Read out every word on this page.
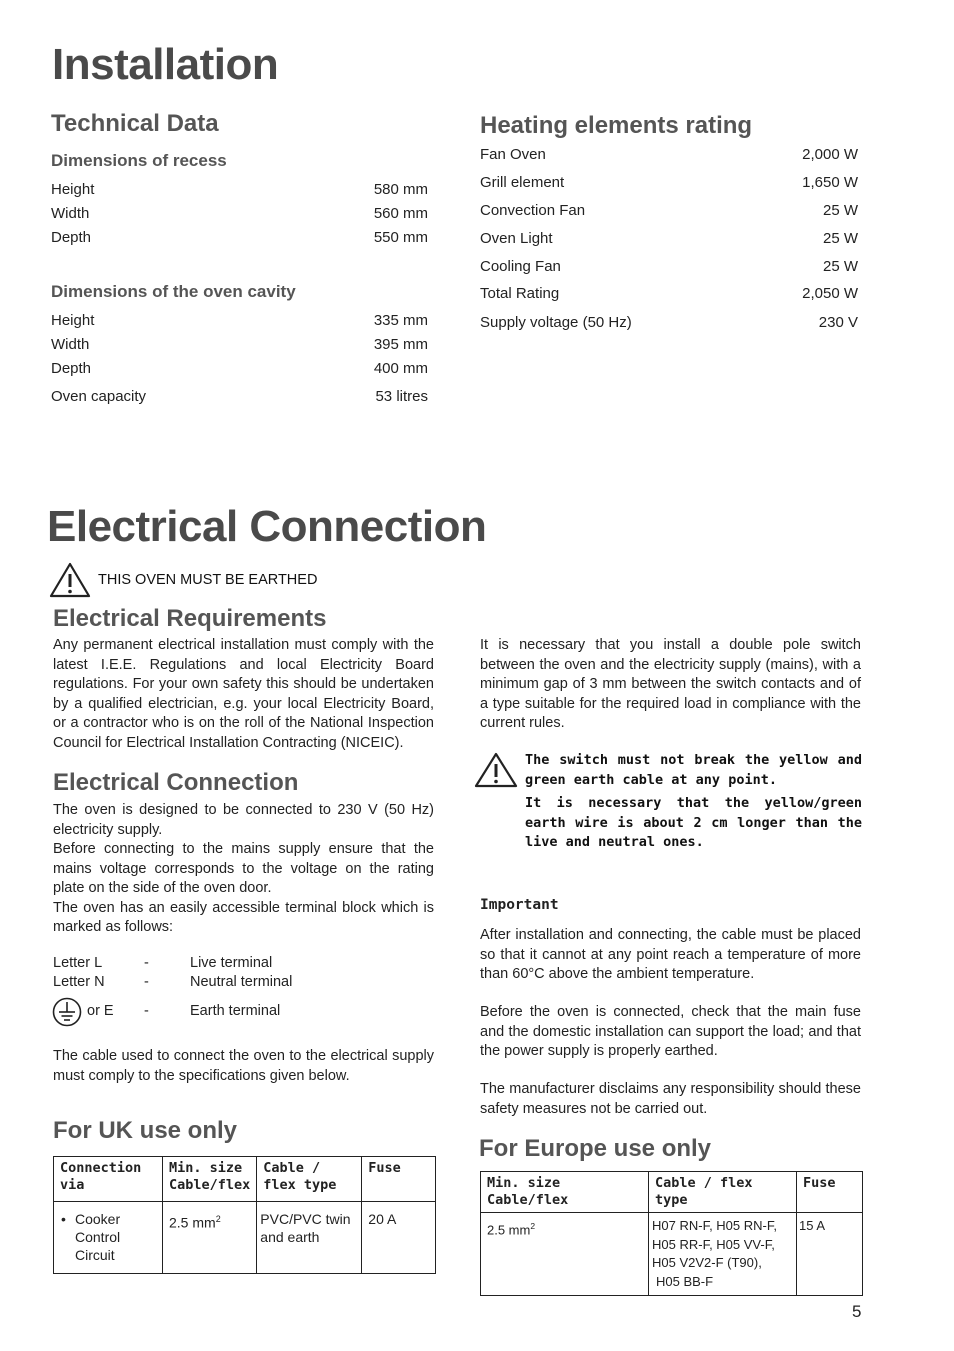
Installation
Technical Data
Dimensions of recess
Height	580 mm
Width	560 mm
Depth	550 mm
Dimensions of the oven cavity
Height	335 mm
Width	395 mm
Depth	400 mm
Oven capacity	53 litres
Heating elements rating
Fan Oven	2,000 W
Grill element	1,650 W
Convection Fan	25 W
Oven Light	25 W
Cooling Fan	25 W
Total Rating	2,050 W
Supply voltage (50 Hz)	230 V
Electrical Connection
THIS OVEN MUST BE EARTHED
Electrical Requirements
Any permanent electrical installation must comply with the latest I.E.E. Regulations and local Electricity Board regulations. For your own safety this should be undertaken by a qualified electrician, e.g. your local Electricity Board, or a contractor who is on the roll of the National Inspection Council for Electrical Installation Contracting (NICEIC).
Electrical Connection

The oven is designed to be connected to 230 V (50 Hz) electricity supply.

Before connecting to the mains supply ensure that the mains voltage corresponds to the voltage on the rating plate on the side of the oven door.

The oven has an easily accessible terminal block which is marked as follows:

Letter L	-	Live terminal
Letter N	-	Neutral terminal
or E -	Earth terminal
The cable used to connect the oven to the electrical supply must comply to the specifications given below.
For UK use only
Connection via	Min. size Cable/flex	Cable / flex type	Fuse

• Cooker Control Circuit	2.5 $mm^2$	PVC/PVC twin and earth	20 A
It is necessary that you install a double pole switch between the oven and the electricity supply (mains), with a minimum gap of 3 mm between the switch contacts and of a type suitable for the required load in compliance with the current rules.

The switch must not break the yellow and green earth cable at any point.

It is necessary that the yellow/green earth wire is about 2 cm longer than the live and neutral ones.

Important
After installation and connecting, the cable must be placed so that it cannot at any point reach a temperature of more than 60°C above the ambient temperature.
Before the oven is connected, check that the main fuse and the domestic installation can support the load; and that the power supply is properly earthed.
The manufacturer disclaims any responsibility should these safety measures not be carried out.
For Europe use only
Min. size Cable/flex	Cable / flex type	Fuse
2.5 $mm^2$	H07 RN-F, H05 RN-F,
H05 RR-F, H05 VV-F,
H05 V2V2-F (T90),
H05 BB-F	15 A
5
